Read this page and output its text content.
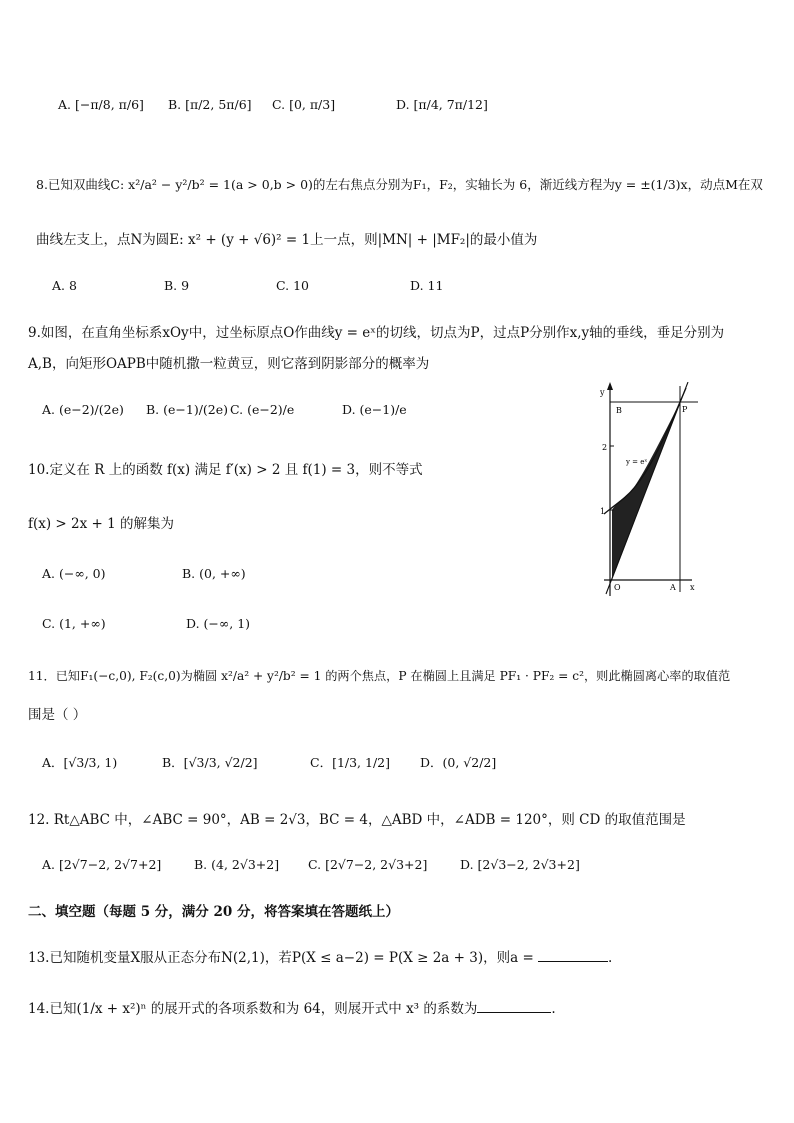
A. [−π/8, π/6] B. [π/2, 5π/6] C. [0, π/3]	D. [π/4, 7π/12]
8.已知双曲线C: x²/a² − y²/b² = 1(a > 0,b > 0)的左右焦点分别为F₁，F₂，实轴长为 6，渐近线方程为y = ±(1/3)x，动点M在双
曲线左支上，点N为圆E: x² + (y + √6)² = 1上一点，则|MN| + |MF₂|的最小值为
A. 8	B. 9	C. 10	D. 11
9.如图，在直角坐标系xOy中，过坐标原点O作曲线y = eˣ的切线，切点为P，过点P分别作x,y轴的垂线，垂足分别为
A,B，向矩形OAPB中随机撒一粒黄豆，则它落到阴影部分的概率为
A. (e−2)/(2e) B. (e−1)/(2e) C. (e−2)/e	D. (e−1)/e
y
B	P
2
1
y = eˣ
O	A x
10.定义在 R 上的函数 f(x) 满足 f′(x) > 2 且 f(1) = 3，则不等式
f(x) > 2x + 1 的解集为
A. (−∞, 0)	B. (0, +∞)
C. (1, +∞)	D. (−∞, 1)
11．已知F₁(−c,0), F₂(c,0)为椭圆 x²/a² + y²/b² = 1 的两个焦点，P 在椭圆上且满足 PF₁ · PF₂ = c²，则此椭圆离心率的取值范
围是（ ）
A．[√3/3, 1)	B．[√3/3, √2/2]	C．[1/3, 1/2] D．(0, √2/2]
12. Rt△ABC 中，∠ABC = 90°，AB = 2√3，BC = 4，△ABD 中，∠ADB = 120°，则 CD 的取值范围是
A. [2√7−2, 2√7+2]	B. (4, 2√3+2] C. [2√7−2, 2√3+2]	D. [2√3−2, 2√3+2]
二、填空题（每题 5 分，满分 20 分，将答案填在答题纸上）
13.已知随机变量X服从正态分布N(2,1)，若P(X ≤ a−2) = P(X ≥ 2a + 3)，则a =	.
14.已知(1/x + x²)ⁿ 的展开式的各项系数和为 64，则展开式中 x³ 的系数为	.
